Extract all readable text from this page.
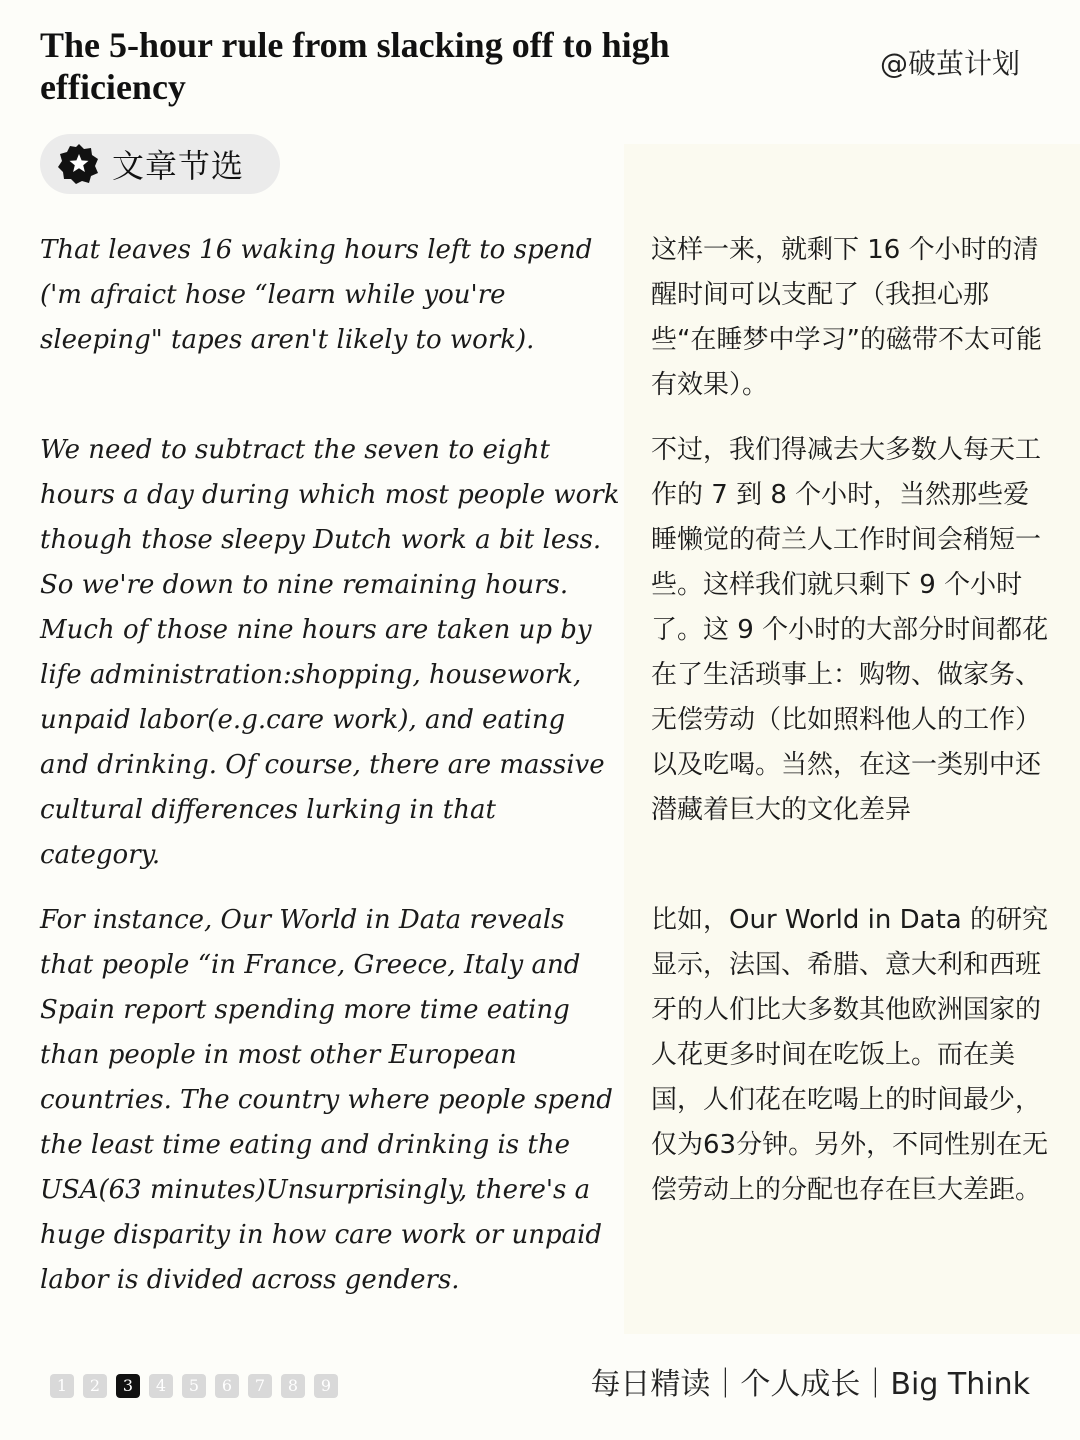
The 5-hour rule from slacking off to high efficiency
@破茧计划
文章节选

That leaves 16 waking hours left to spend ('m afraict hose “learn while you're sleeping" tapes aren't likely to work).

这样一来，就剩下 16 个小时的清醒时间可以支配了（我担心那些“在睡梦中学习”的磁带不太可能有效果）。

We need to subtract the seven to eight hours a day during which most people work though those sleepy Dutch work a bit less. So we're down to nine remaining hours. Much of those nine hours are taken up by life administration:shopping, housework, unpaid labor(e.g.care work), and eating and drinking. Of course, there are massive cultural differences lurking in that category.

不过，我们得减去大多数人每天工作的 7 到 8 个小时，当然那些爱睡懒觉的荷兰人工作时间会稍短一些。这样我们就只剩下 9 个小时了。这 9 个小时的大部分时间都花在了生活琐事上：购物、做家务、无偿劳动（比如照料他人的工作）以及吃喝。当然，在这一类别中还潜藏着巨大的文化差异

For instance, Our World in Data reveals that people “in France, Greece, Italy and Spain report spending more time eating than people in most other European countries. The country where people spend the least time eating and drinking is the USA(63 minutes)Unsurprisingly, there's a huge disparity in how care work or unpaid labor is divided across genders.

比如，Our World in Data 的研究显示，法国、希腊、意大利和西班牙的人们比大多数其他欧洲国家的人花更多时间在吃饭上。而在美国，人们花在吃喝上的时间最少，仅为63分钟。另外，不同性别在无偿劳动上的分配也存在巨大差距。

1	2	3	4	5	6	7	8	9	每日精读｜个人成长｜Big Think
